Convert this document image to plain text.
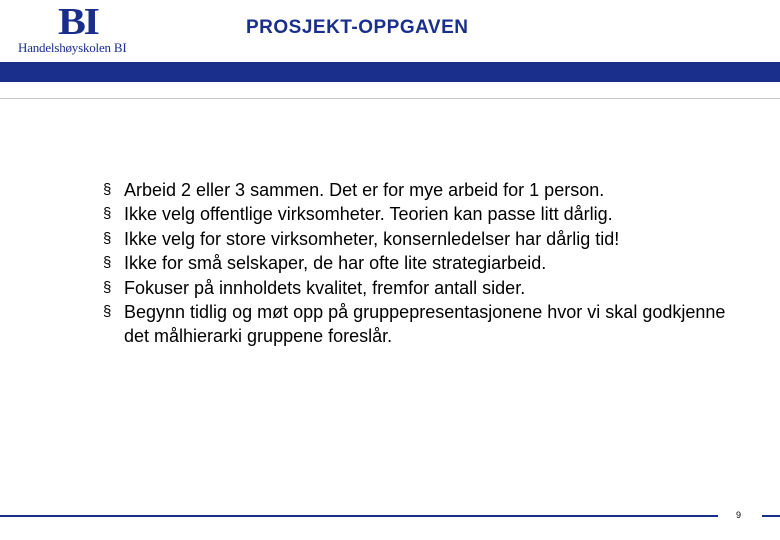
BI
Handelshøyskolen BI
PROSJEKT-OPPGAVEN
§ Arbeid 2 eller 3 sammen. Det er for mye arbeid for 1 person.
§ Ikke velg offentlige virksomheter. Teorien kan passe litt dårlig.
§ Ikke velg for store virksomheter, konsernledelser har dårlig tid!
§ Ikke for små selskaper, de har ofte lite strategiarbeid.
§ Fokuser på innholdets kvalitet, fremfor antall sider.
§ Begynn tidlig og møt opp på gruppepresentasjonene hvor vi skal godkjenne det målhierarki gruppene foreslår.
9
